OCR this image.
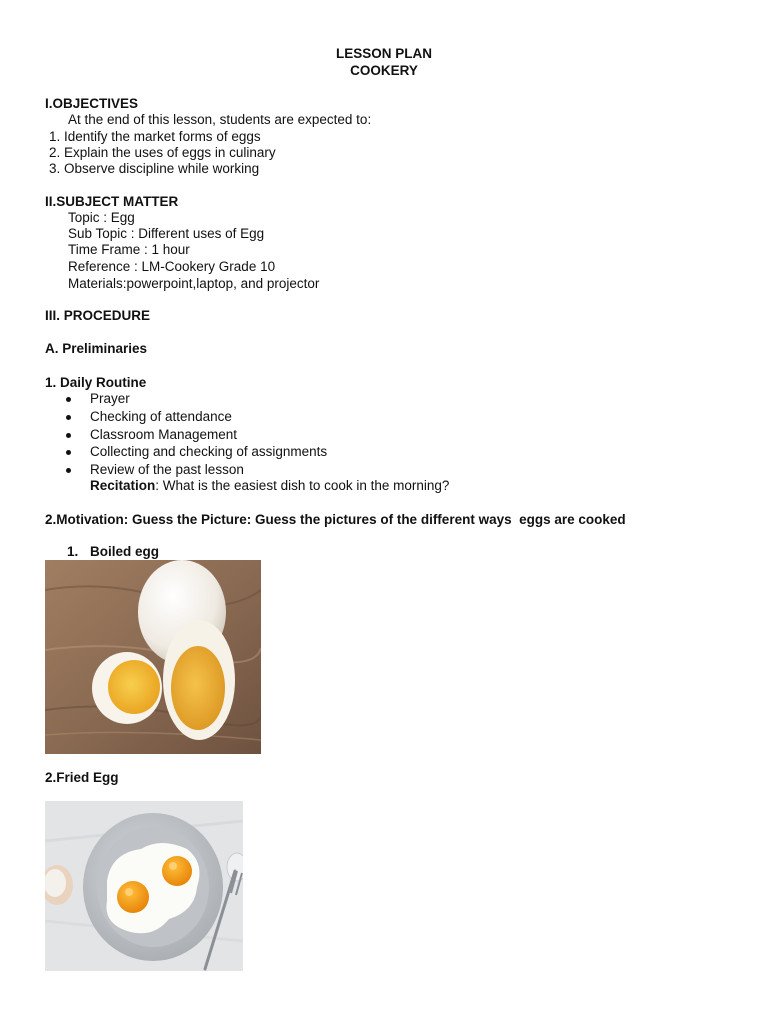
LESSON PLAN
COOKERY
I.OBJECTIVES
At the end of this lesson, students are expected to:
1. Identify the market forms of eggs
2. Explain the uses of eggs in culinary
3. Observe discipline while working
II.SUBJECT MATTER
Topic : Egg
Sub Topic : Different uses of Egg
Time Frame : 1 hour
Reference : LM-Cookery Grade 10
Materials:powerpoint,laptop, and projector
III. PROCEDURE
A. Preliminaries
1. Daily Routine
Prayer
Checking of attendance
Classroom Management
Collecting and checking of assignments
Review of the past lesson
Recitation: What is the easiest dish to cook in the morning?
2.Motivation: Guess the Picture: Guess the pictures of the different ways  eggs are cooked
1. Boiled egg
2.Fried Egg
